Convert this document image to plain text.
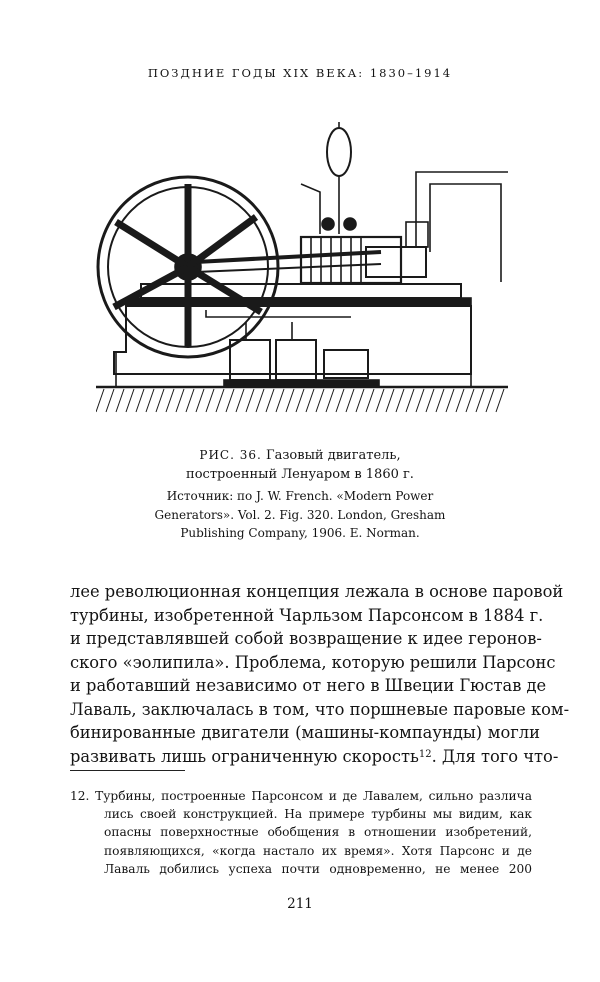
ПОЗДНИЕ ГОДЫ XIX ВЕКА: 1830–1914
РИС. 36. Газовый двигатель,
построенный Ленуаром в 1860 г.
Источник: по J. W. French. «Modern Power
Generators». Vol. 2. Fig. 320. London, Gresham
Publishing Company, 1906. E. Norman.
лее революционная концепция лежала в основе паровой
турбины, изобретенной Чарльзом Парсонсом в 1884 г.
и представлявшей собой возвращение к идее геронов-
ского «эолипила». Проблема, которую решили Парсонс
и работавший независимо от него в Швеции Гюстав де
Лаваль, заключалась в том, что поршневые паровые ком-
бинированные двигатели (машины-компаунды) могли
развивать лишь ограниченную скорость$^{12}$. Для того что-
12. Турбины, построенные Парсонсом и де Лавалем, сильно различа
лись своей конструкцией. На примере турбины мы видим, как
опасны поверхностные обобщения в отношении изобретений,
появляющихся, «когда настало их время». Хотя Парсонс и де
Лаваль добились успеха почти одновременно, не менее 200
211
